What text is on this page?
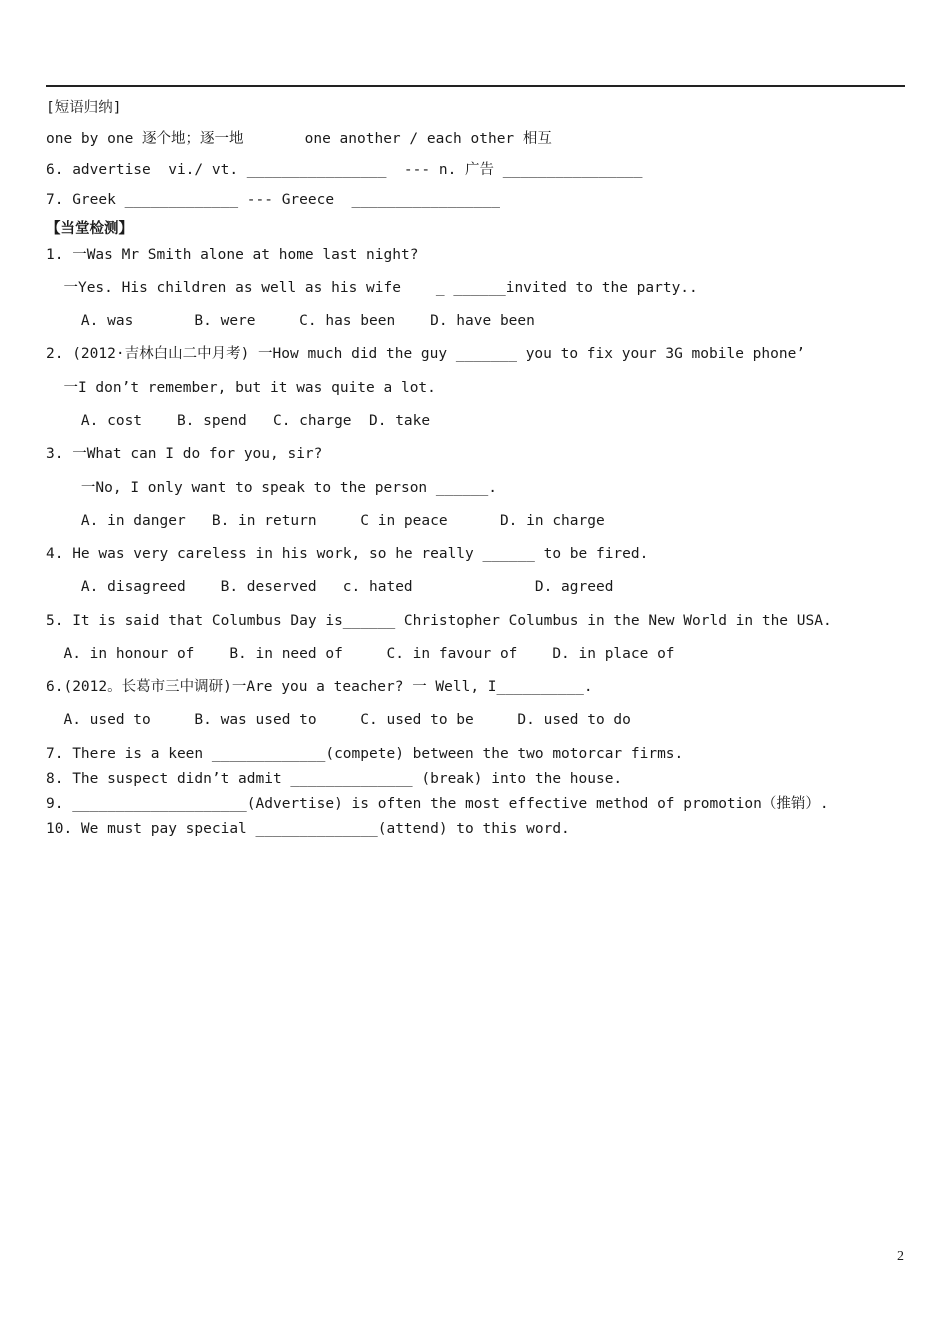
[短语归纳]
one by one 逐个地；逐一地       one another / each other 相互
6. advertise  vi./ vt. ________________  --- n. 广告 ________________
7. Greek _____________ --- Greece  _________________
【当堂检测】
1. 一Was Mr Smith alone at home last night?
一Yes. His children as well as his wife    _ ______invited to the party..
A. was       B. were     C. has been    D. have been
2. (2012·吉林白山二中月考) 一How much did the guy _______ you to fix your 3G mobile phone’
一I don’t remember, but it was quite a lot.
A. cost    B. spend   C. charge  D. take
3. 一What can I do for you, sir?
一No, I only want to speak to the person ______.
A. in danger   B. in return     C in peace      D. in charge
4. He was very careless in his work, so he really ______ to be fired.
A. disagreed    B. deserved   c. hated              D. agreed
5. It is said that Columbus Day is______ Christopher Columbus in the New World in the USA.
A. in honour of    B. in need of     C. in favour of    D. in place of
6.(2012。长葛市三中调研)一Are you a teacher? 一 Well, I__________.
A. used to     B. was used to     C. used to be     D. used to do
7. There is a keen _____________(compete) between the two motorcar firms.
8. The suspect didn’t admit ______________ (break) into the house.
9. ____________________(Advertise) is often the most effective method of promotion（推销）.
10. We must pay special ______________(attend) to this word.
2
